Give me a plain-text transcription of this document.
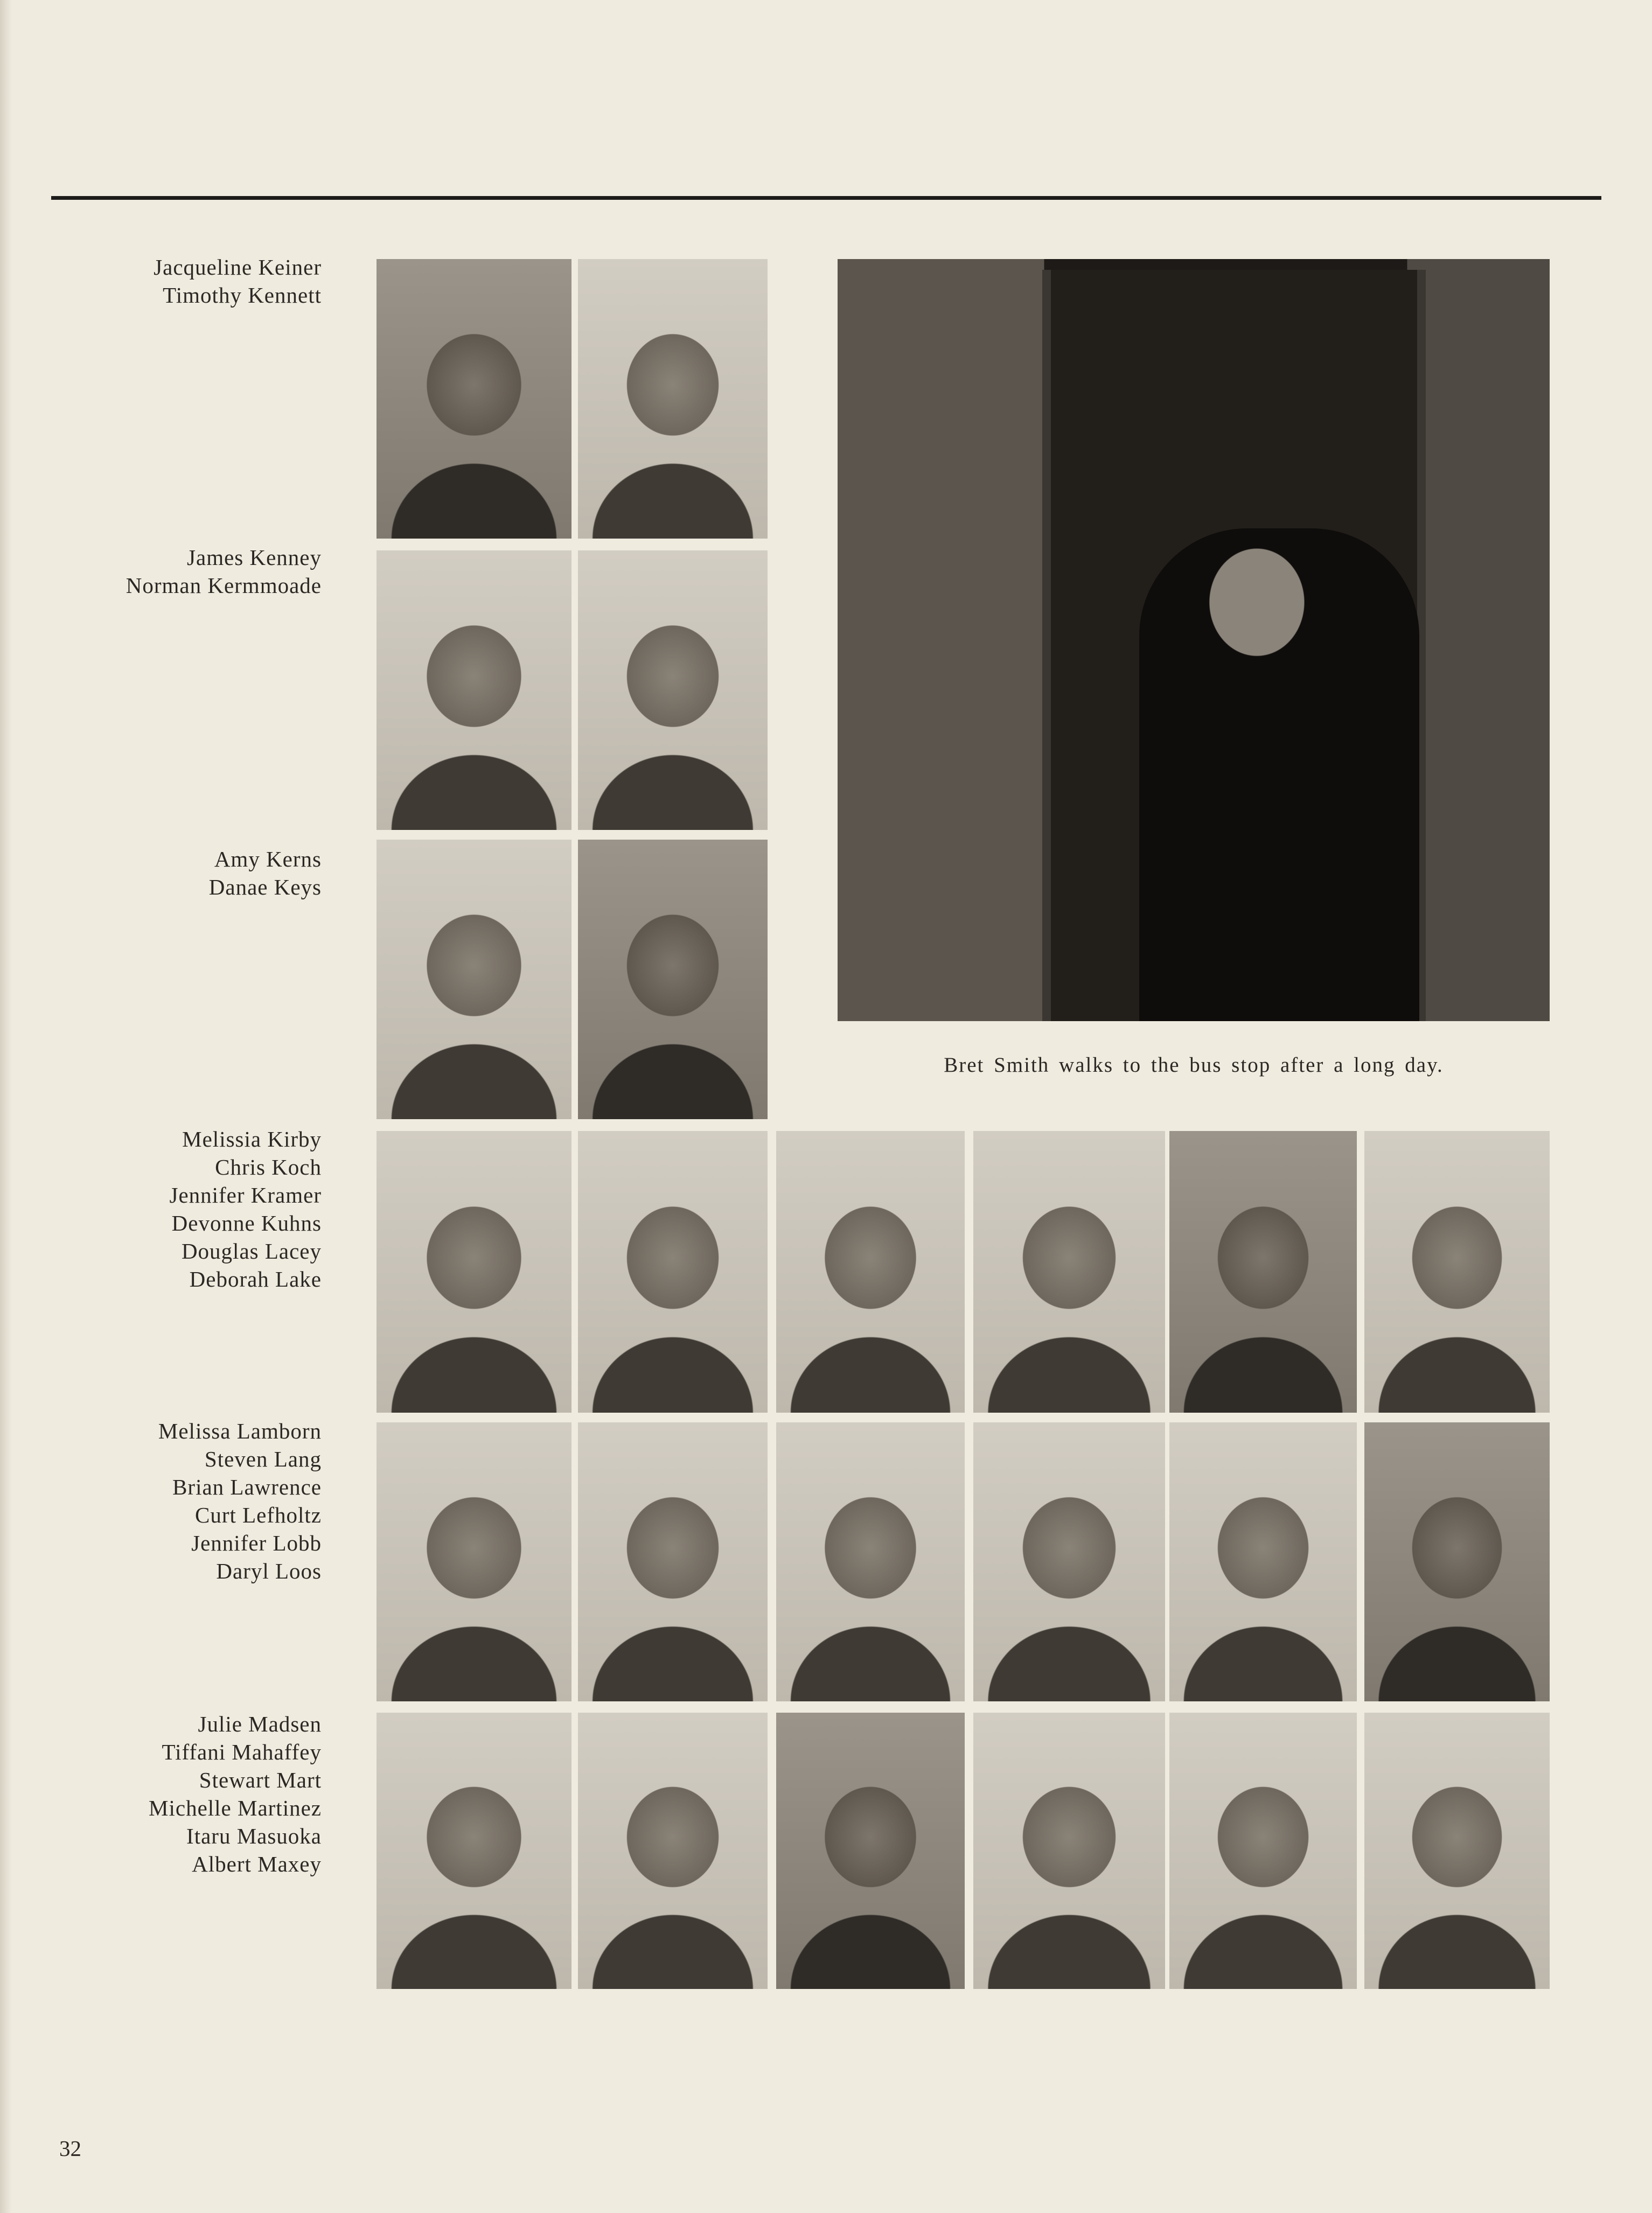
Jacqueline Keiner
Timothy Kennett
James Kenney
Norman Kermmoade
Amy Kerns
Danae Keys
Bret Smith walks to the bus stop after a long day.
Melissia Kirby
Chris Koch
Jennifer Kramer
Devonne Kuhns
Douglas Lacey
Deborah Lake
Melissa Lamborn
Steven Lang
Brian Lawrence
Curt Lefholtz
Jennifer Lobb
Daryl Loos
Julie Madsen
Tiffani Mahaffey
Stewart Mart
Michelle Martinez
Itaru Masuoka
Albert Maxey
32
